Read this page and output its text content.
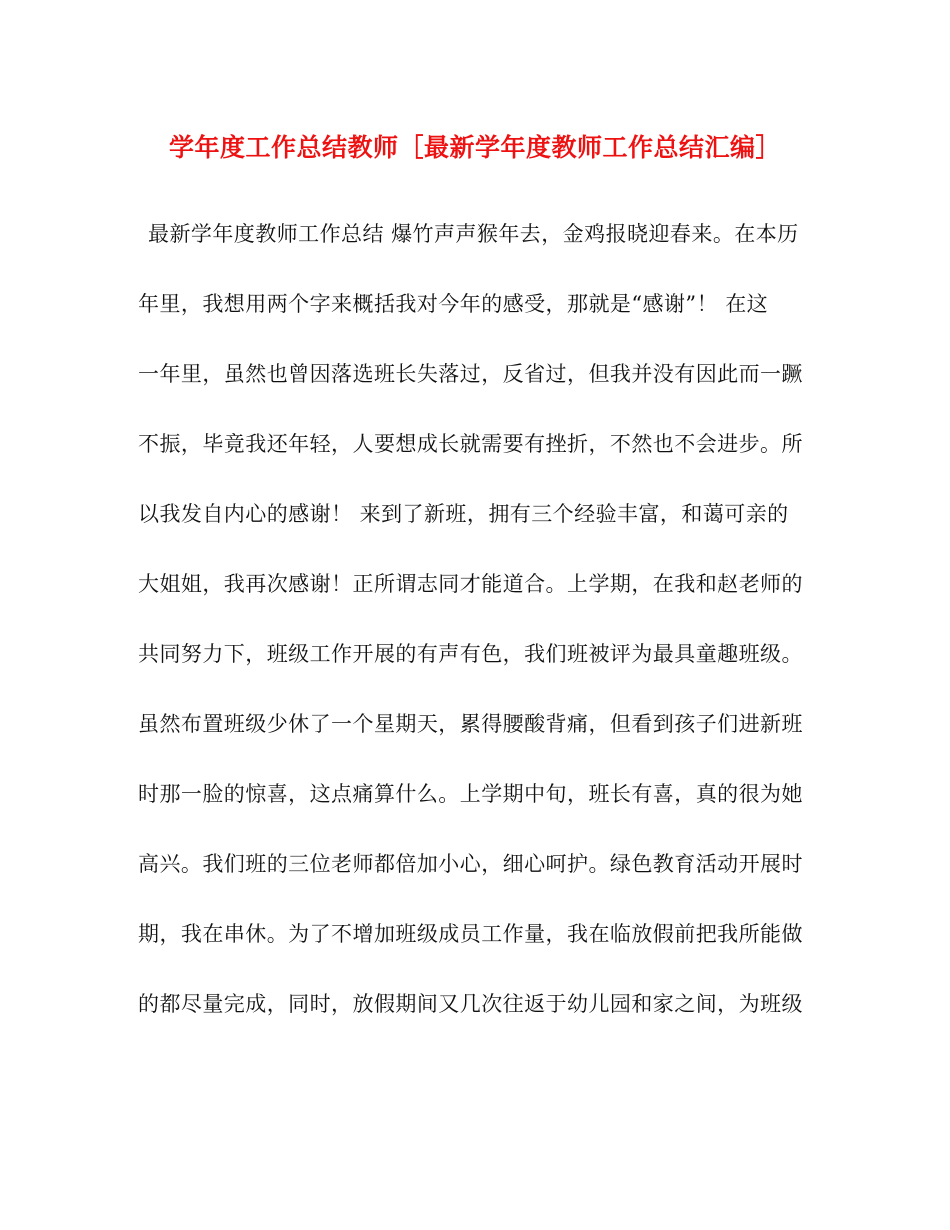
学年度工作总结教师［最新学年度教师工作总结汇编］
最新学年度教师工作总结 爆竹声声猴年去，金鸡报晓迎春来。在本历
年里，我想用两个字来概括我对今年的感受，那就是“感谢”！ 在这
一年里，虽然也曾因落选班长失落过，反省过，但我并没有因此而一蹶
不振，毕竟我还年轻，人要想成长就需要有挫折，不然也不会进步。所
以我发自内心的感谢！ 来到了新班，拥有三个经验丰富，和蔼可亲的
大姐姐，我再次感谢！正所谓志同才能道合。上学期，在我和赵老师的
共同努力下，班级工作开展的有声有色，我们班被评为最具童趣班级。
虽然布置班级少休了一个星期天，累得腰酸背痛，但看到孩子们进新班
时那一脸的惊喜，这点痛算什么。上学期中旬，班长有喜，真的很为她
高兴。我们班的三位老师都倍加小心，细心呵护。绿色教育活动开展时
期，我在串休。为了不增加班级成员工作量，我在临放假前把我所能做
的都尽量完成，同时，放假期间又几次往返于幼儿园和家之间，为班级
